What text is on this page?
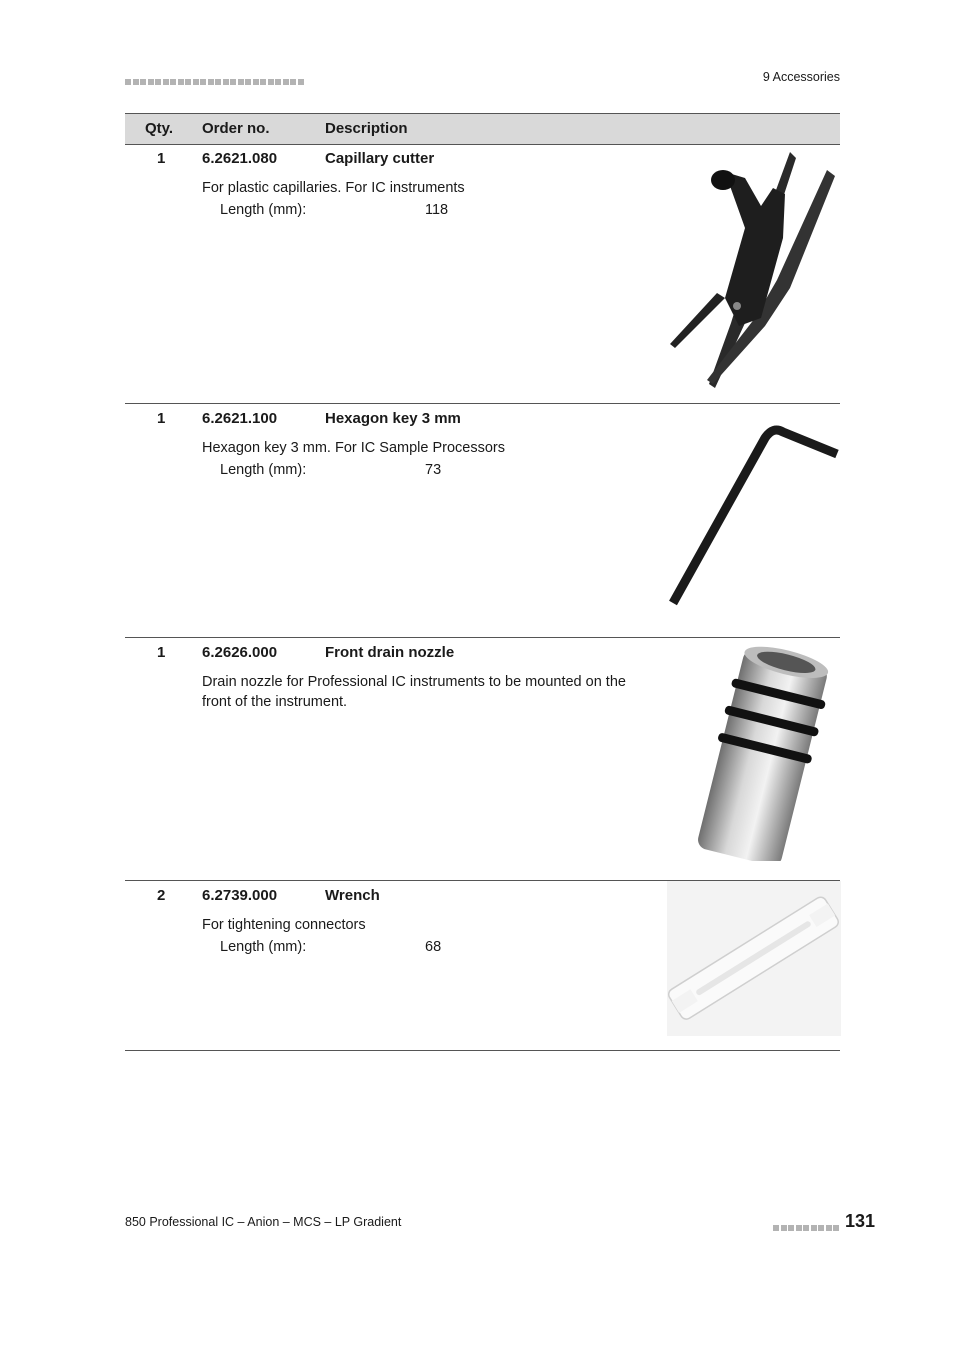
9 Accessories
Qty. Order no.	Description
1 6.2621.080	Capillary cutter
For plastic capillaries. For IC instruments
Length (mm):	118
1 6.2621.100	Hexagon key 3 mm
Hexagon key 3 mm. For IC Sample Processors
Length (mm):	73
1 6.2626.000	Front drain nozzle
Drain nozzle for Professional IC instruments to be mounted on the front of the instrument.
2 6.2739.000	Wrench
For tightening connectors
Length (mm):	68
850 Professional IC – Anion – MCS – LP Gradient	131
